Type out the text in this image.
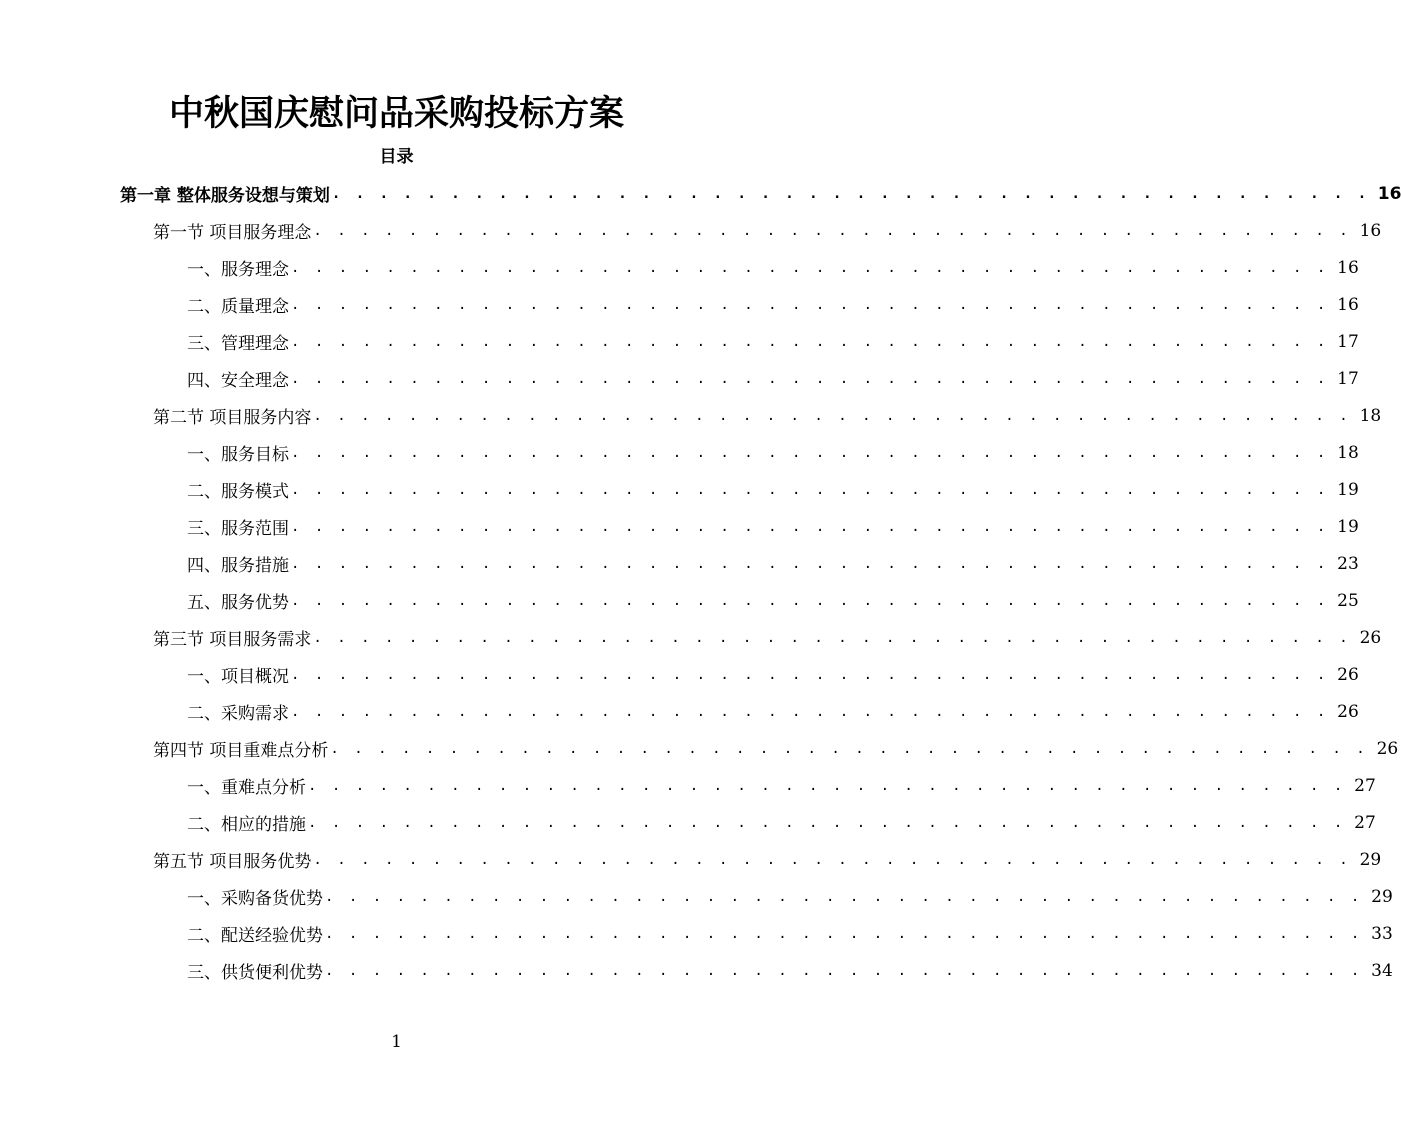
中秋国庆慰问品采购投标方案
目录
第一章 整体服务设想与策划 . . . . . . . . . . . . . . . . . . . . . . . . . . . . . . . . . . . . . . . . . . . . 16
第一节 项目服务理念 . . . . . . . . . . . . . . . . . . . . . . . . . . . . . . . . . . . . . . . . . . . . 16
一、服务理念 . . . . . . . . . . . . . . . . . . . . . . . . . . . . . . . . . . . . . . . . . . . . 16
二、质量理念 . . . . . . . . . . . . . . . . . . . . . . . . . . . . . . . . . . . . . . . . . . . . 16
三、管理理念 . . . . . . . . . . . . . . . . . . . . . . . . . . . . . . . . . . . . . . . . . . . . 17
四、安全理念 . . . . . . . . . . . . . . . . . . . . . . . . . . . . . . . . . . . . . . . . . . . . 17
第二节 项目服务内容 . . . . . . . . . . . . . . . . . . . . . . . . . . . . . . . . . . . . . . . . . . . . 18
一、服务目标 . . . . . . . . . . . . . . . . . . . . . . . . . . . . . . . . . . . . . . . . . . . . 18
二、服务模式 . . . . . . . . . . . . . . . . . . . . . . . . . . . . . . . . . . . . . . . . . . . . 19
三、服务范围 . . . . . . . . . . . . . . . . . . . . . . . . . . . . . . . . . . . . . . . . . . . . 19
四、服务措施 . . . . . . . . . . . . . . . . . . . . . . . . . . . . . . . . . . . . . . . . . . . . 23
五、服务优势 . . . . . . . . . . . . . . . . . . . . . . . . . . . . . . . . . . . . . . . . . . . . 25
第三节 项目服务需求 . . . . . . . . . . . . . . . . . . . . . . . . . . . . . . . . . . . . . . . . . . . . 26
一、项目概况 . . . . . . . . . . . . . . . . . . . . . . . . . . . . . . . . . . . . . . . . . . . . 26
二、采购需求 . . . . . . . . . . . . . . . . . . . . . . . . . . . . . . . . . . . . . . . . . . . . 26
第四节 项目重难点分析 . . . . . . . . . . . . . . . . . . . . . . . . . . . . . . . . . . . . . . . . . . . . 26
一、重难点分析 . . . . . . . . . . . . . . . . . . . . . . . . . . . . . . . . . . . . . . . . . . . . 27
二、相应的措施 . . . . . . . . . . . . . . . . . . . . . . . . . . . . . . . . . . . . . . . . . . . . 27
第五节 项目服务优势 . . . . . . . . . . . . . . . . . . . . . . . . . . . . . . . . . . . . . . . . . . . . 29
一、采购备货优势 . . . . . . . . . . . . . . . . . . . . . . . . . . . . . . . . . . . . . . . . . . . . 29
二、配送经验优势 . . . . . . . . . . . . . . . . . . . . . . . . . . . . . . . . . . . . . . . . . . . . 33
三、供货便利优势 . . . . . . . . . . . . . . . . . . . . . . . . . . . . . . . . . . . . . . . . . . . . 34
1
